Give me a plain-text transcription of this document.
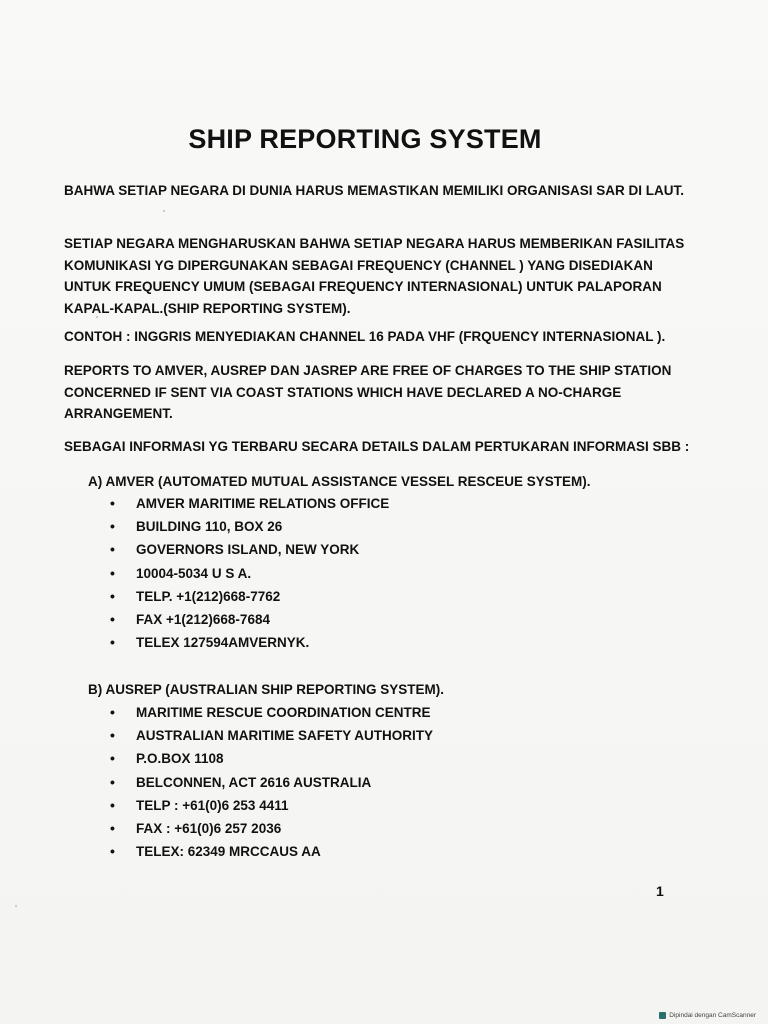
SHIP REPORTING SYSTEM
BAHWA SETIAP NEGARA DI DUNIA HARUS MEMASTIKAN MEMILIKI ORGANISASI SAR DI LAUT.
SETIAP NEGARA MENGHARUSKAN BAHWA SETIAP NEGARA HARUS MEMBERIKAN FASILITAS KOMUNIKASI YG DIPERGUNAKAN SEBAGAI FREQUENCY (CHANNEL ) YANG DISEDIAKAN UNTUK FREQUENCY UMUM (SEBAGAI FREQUENCY INTERNASIONAL) UNTUK PALAPORAN KAPAL-KAPAL.(SHIP REPORTING SYSTEM).
CONTOH : INGGRIS MENYEDIAKAN CHANNEL 16 PADA VHF (FRQUENCY INTERNASIONAL ).
REPORTS TO AMVER, AUSREP DAN JASREP ARE FREE OF CHARGES TO THE SHIP STATION CONCERNED IF SENT VIA COAST STATIONS WHICH HAVE DECLARED A NO-CHARGE ARRANGEMENT.
SEBAGAI INFORMASI YG TERBARU SECARA DETAILS DALAM PERTUKARAN INFORMASI SBB :
A) AMVER (AUTOMATED MUTUAL ASSISTANCE VESSEL RESCEUE SYSTEM).
• AMVER MARITIME RELATIONS OFFICE
• BUILDING 110, BOX 26
• GOVERNORS ISLAND, NEW YORK
• 10004-5034 U S A.
• TELP. +1(212)668-7762
• FAX +1(212)668-7684
• TELEX 127594AMVERNYK.
B) AUSREP (AUSTRALIAN SHIP REPORTING SYSTEM).
• MARITIME RESCUE COORDINATION CENTRE
• AUSTRALIAN MARITIME SAFETY AUTHORITY
• P.O.BOX 1108
• BELCONNEN, ACT 2616 AUSTRALIA
• TELP : +61(0)6 253 4411
• FAX : +61(0)6 257 2036
• TELEX: 62349 MRCCAUS AA
1
Dipindai dengan CamScanner
